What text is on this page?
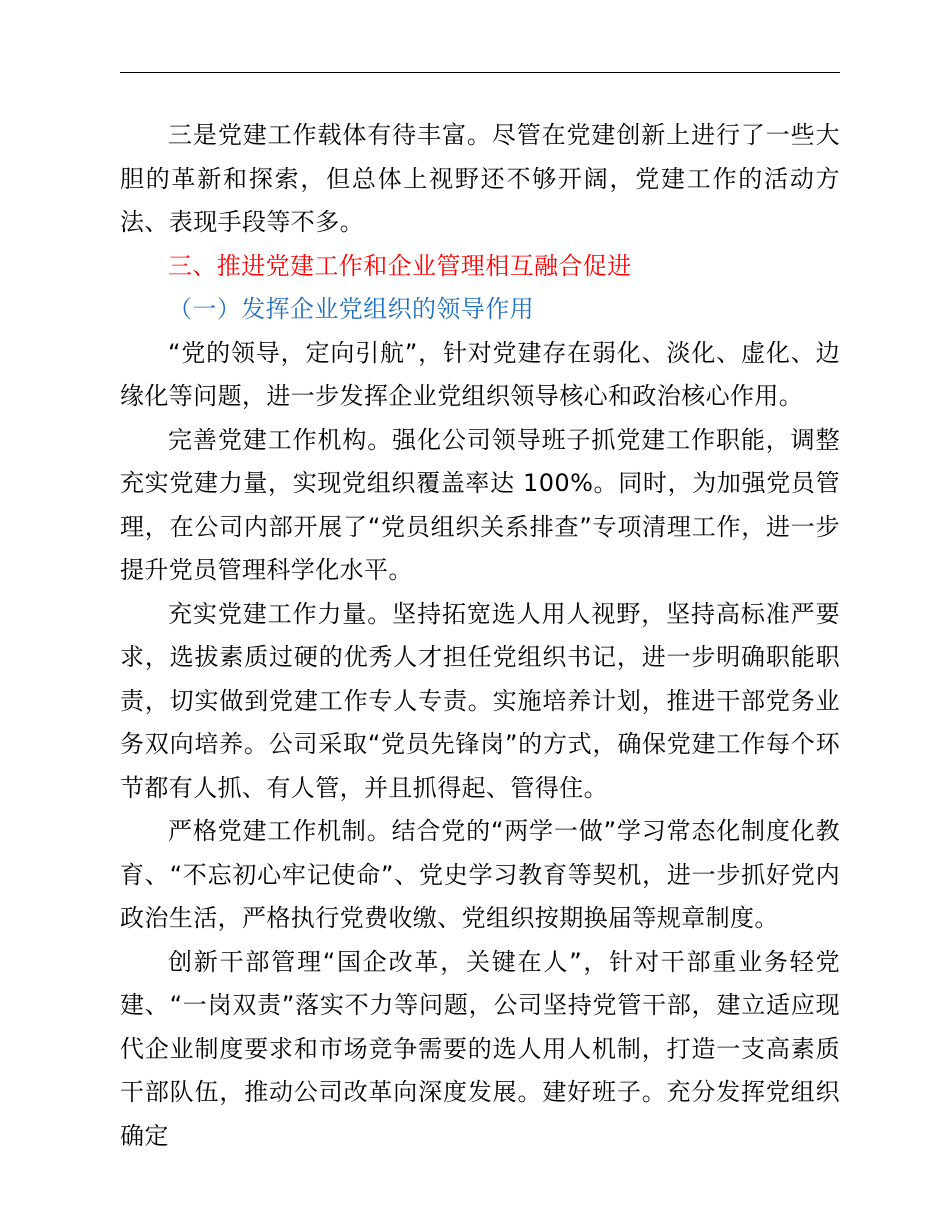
三是党建工作载体有待丰富。尽管在党建创新上进行了一些大胆的革新和探索，但总体上视野还不够开阔，党建工作的活动方法、表现手段等不多。

三、推进党建工作和企业管理相互融合促进

（一）发挥企业党组织的领导作用

“党的领导，定向引航”，针对党建存在弱化、淡化、虚化、边缘化等问题，进一步发挥企业党组织领导核心和政治核心作用。

完善党建工作机构。强化公司领导班子抓党建工作职能，调整充实党建力量，实现党组织覆盖率达 100%。同时，为加强党员管理，在公司内部开展了“党员组织关系排查”专项清理工作，进一步提升党员管理科学化水平。

充实党建工作力量。坚持拓宽选人用人视野，坚持高标准严要求，选拔素质过硬的优秀人才担任党组织书记，进一步明确职能职责，切实做到党建工作专人专责。实施培养计划，推进干部党务业务双向培养。公司采取“党员先锋岗”的方式，确保党建工作每个环节都有人抓、有人管，并且抓得起、管得住。

严格党建工作机制。结合党的“两学一做”学习常态化制度化教育、“不忘初心牢记使命”、党史学习教育等契机，进一步抓好党内政治生活，严格执行党费收缴、党组织按期换届等规章制度。

创新干部管理“国企改革，关键在人”，针对干部重业务轻党建、“一岗双责”落实不力等问题，公司坚持党管干部，建立适应现代企业制度要求和市场竞争需要的选人用人机制，打造一支高素质干部队伍，推动公司改革向深度发展。建好班子。充分发挥党组织确定
